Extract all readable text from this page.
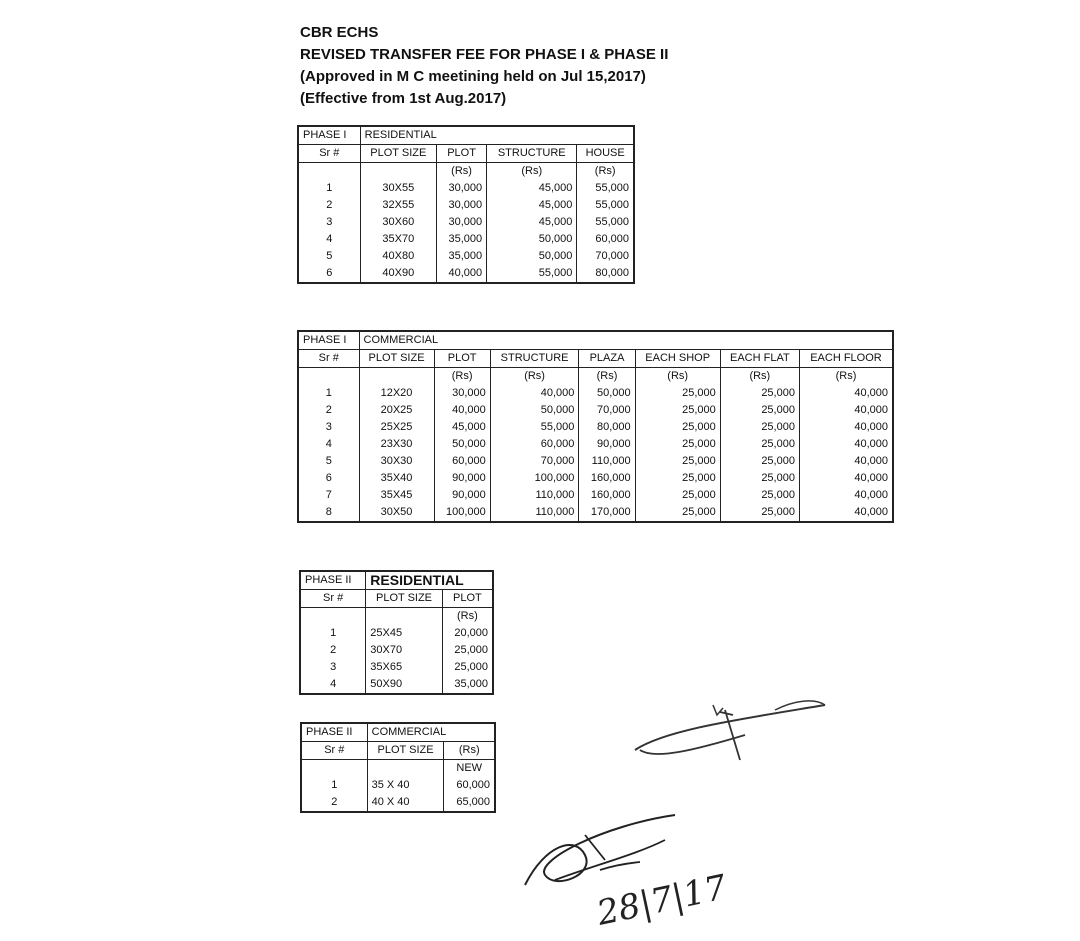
CBR ECHS
REVISED TRANSFER FEE FOR PHASE I & PHASE II
(Approved in M C meetining held on Jul 15,2017)
(Effective from 1st Aug.2017)
PHASE I	RESIDENTIAL			
Sr #	PLOT SIZE	PLOT	STRUCTURE	HOUSE
		(Rs)	(Rs)	(Rs)
1	30X55	30,000	45,000	55,000
2	32X55	30,000	45,000	55,000
3	30X60	30,000	45,000	55,000
4	35X70	35,000	50,000	60,000
5	40X80	35,000	50,000	70,000
6	40X90	40,000	55,000	80,000
PHASE I	COMMERCIAL						
Sr #	PLOT SIZE	PLOT	STRUCTURE	PLAZA	EACH SHOP	EACH FLAT	EACH FLOOR
		(Rs)	(Rs)	(Rs)	(Rs)	(Rs)	(Rs)
1	12X20	30,000	40,000	50,000	25,000	25,000	40,000
2	20X25	40,000	50,000	70,000	25,000	25,000	40,000
3	25X25	45,000	55,000	80,000	25,000	25,000	40,000
4	23X30	50,000	60,000	90,000	25,000	25,000	40,000
5	30X30	60,000	70,000	110,000	25,000	25,000	40,000
6	35X40	90,000	100,000	160,000	25,000	25,000	40,000
7	35X45	90,000	110,000	160,000	25,000	25,000	40,000
8	30X50	100,000	110,000	170,000	25,000	25,000	40,000
PHASE II	RESIDENTIAL	
Sr #	PLOT SIZE	PLOT
		(Rs)
1	25X45	20,000
2	30X70	25,000
3	35X65	25,000
4	50X90	35,000
PHASE II	COMMERCIAL	
Sr #	PLOT SIZE	(Rs)
		NEW
1	35 X 40	60,000
2	40 X 40	65,000
28|7|17
